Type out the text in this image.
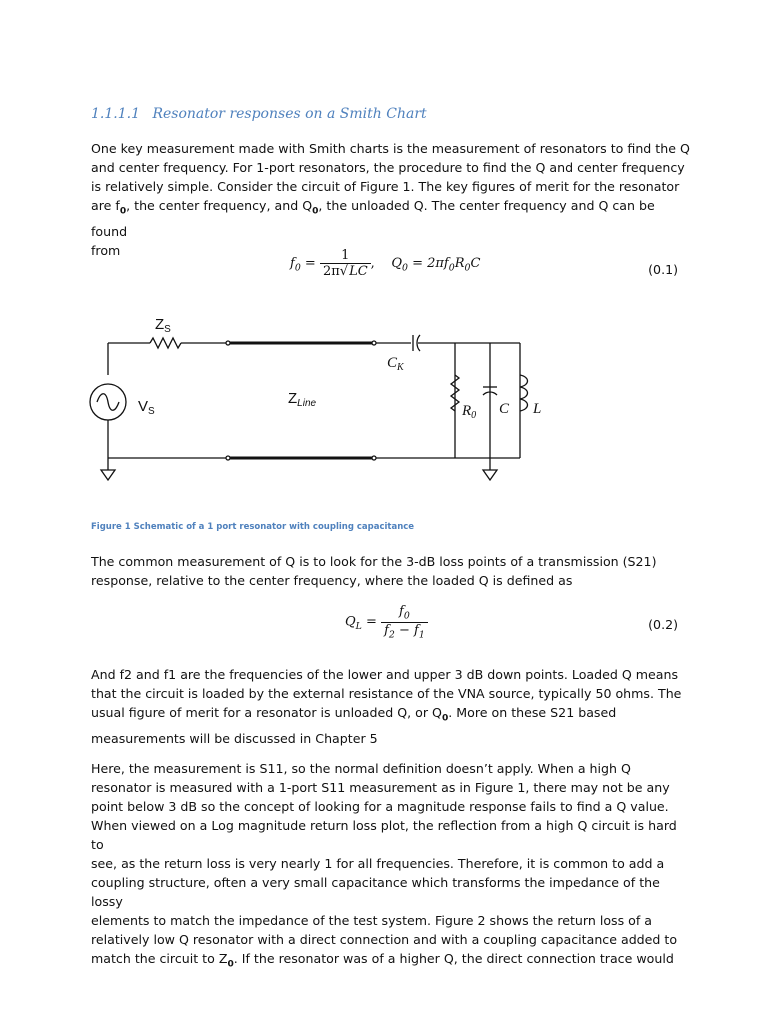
1.1.1.1 Resonator responses on a Smith Chart
One key measurement made with Smith charts is the measurement of resonators to find the Q
and center frequency. For 1-port resonators, the procedure to find the Q and center frequency
is relatively simple. Consider the circuit of Figure 1. The key figures of merit for the resonator
are $f_0$, the center frequency, and $Q_0$, the unloaded Q. The center frequency and Q can be found
from
$f_0 = \frac{1}{2\pi√LC}$ , $Q_0 = 2\pi f_0R_0C$	(0.1)
$Z_S$
$V_S$
$Z_{Line}$
$C_K$
$R_0$ C L
Figure 1 Schematic of a 1 port resonator with coupling capacitance
The common measurement of Q is to look for the 3-dB loss points of a transmission (S21)
response, relative to the center frequency, where the loaded Q is defined as
$Q_L = \frac{f_0}{f_2 - f_1}$	(0.2)
And f2 and f1 are the frequencies of the lower and upper 3 dB down points. Loaded Q means
that the circuit is loaded by the external resistance of the VNA source, typically 50 ohms. The
usual figure of merit for a resonator is unloaded Q, or $Q_0$. More on these S21 based
measurements will be discussed in Chapter 5
Here, the measurement is S11, so the normal definition doesn’t apply. When a high Q
resonator is measured with a 1-port S11 measurement as in Figure 1, there may not be any
point below 3 dB so the concept of looking for a magnitude response fails to find a Q value.
When viewed on a Log magnitude return loss plot, the reflection from a high Q circuit is hard to
see, as the return loss is very nearly 1 for all frequencies. Therefore, it is common to add a
coupling structure, often a very small capacitance which transforms the impedance of the lossy
elements to match the impedance of the test system. Figure 2 shows the return loss of a
relatively low Q resonator with a direct connection and with a coupling capacitance added to
match the circuit to $Z_0$. If the resonator was of a higher Q, the direct connection trace would
